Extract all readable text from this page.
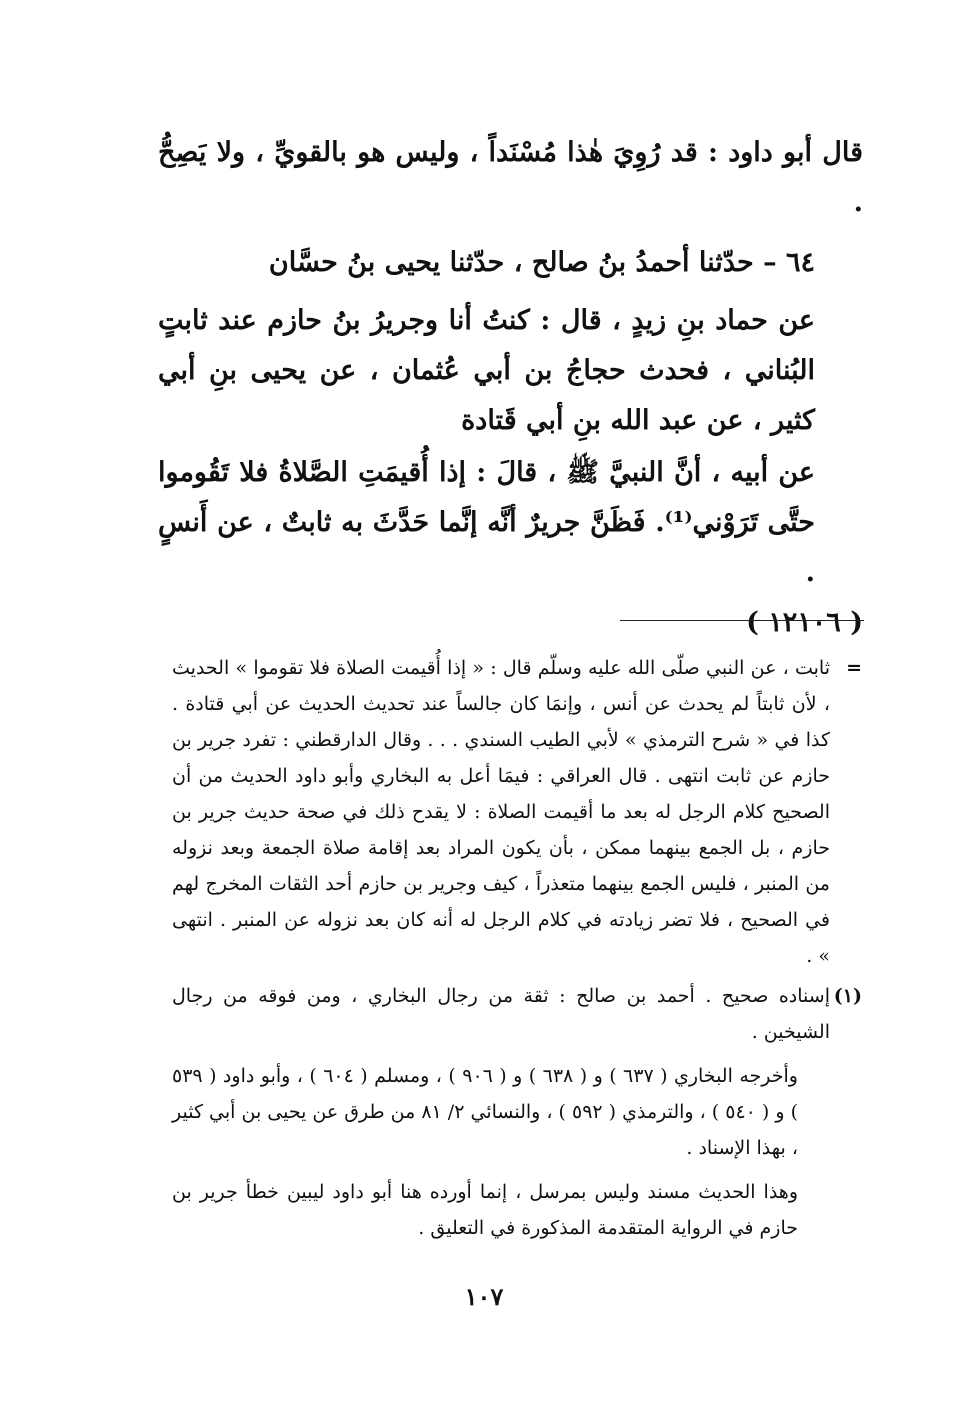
قال أبو داود : قد رُوِيَ هٰذا مُسْنَداً ، وليس هو بالقويِّ ، ولا يَصِحُّ .

٦٤ – حدّثنا أحمدُ بنُ صالح ، حدّثنا يحيى بنُ حسَّان

عن حماد بنِ زيدٍ ، قال : كنتُ أنا وجريرُ بنُ حازم عند ثابتٍ البُناني ، فحدث حجاجُ بن أبي عُثمان ، عن يحيى بنِ أبي كثير ، عن عبد الله بنِ أبي قَتادة

عن أبيه ، أنَّ النبيَّ ﷺ ، قالَ : إذا أُقيمَتِ الصَّلاةُ فلا تَقُوموا حتَّى تَرَوْني⁽¹⁾. فَظَنَّ جريرٌ أنَّه إنَّما حَدَّثَ به ثابتٌ ، عن أَنسٍ .

( ١٢١٠٦ )
=

ثابت ، عن النبي صلّى الله عليه وسلّم قال : « إذا أُقيمت الصلاة فلا تقوموا » الحديث ، لأن ثابتاً لم يحدث عن أنس ، وإنمَا كان جالساً عند تحديث الحديث عن أبي قتادة . كذا في « شرح الترمذي » لأبي الطيب السندي . . . وقال الدارقطني : تفرد جرير بن حازم عن ثابت انتهى . قال العراقي : فيمَا أعل به البخاري وأبو داود الحديث من أن الصحيح كلام الرجل له بعد ما أقيمت الصلاة : لا يقدح ذلك في صحة حديث جرير بن حازم ، بل الجمع بينهما ممكن ، بأن يكون المراد بعد إقامة صلاة الجمعة وبعد نزوله من المنبر ، فليس الجمع بينهما متعذراً ، كيف وجرير بن حازم أحد الثقات المخرج لهم في الصحيح ، فلا تضر زيادته في كلام الرجل له أنه كان بعد نزوله عن المنبر . انتهى » .

(١)

إسناده صحيح . أحمد بن صالح : ثقة من رجال البخاري ، ومن فوقه من رجال الشيخين .

وأخرجه البخاري ( ٦٣٧ ) و ( ٦٣٨ ) و ( ٩٠٦ ) ، ومسلم ( ٦٠٤ ) ، وأبو داود ( ٥٣٩ ) و ( ٥٤٠ ) ، والترمذي ( ٥٩٢ ) ، والنسائي ٢/ ٨١ من طرق عن يحيى بن أبي كثير ، بهذا الإسناد .

وهذا الحديث مسند وليس بمرسل ، إنما أورده هنا أبو داود ليبين خطأ جرير بن حازم في الرواية المتقدمة المذكورة في التعليق .

١٠٧
